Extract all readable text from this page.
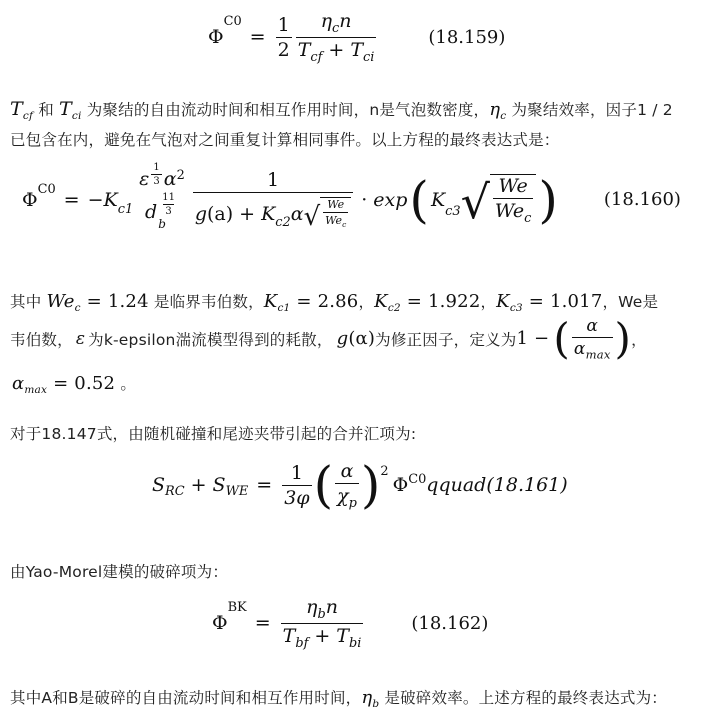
Φ
$^{C0}$
= $\frac{1}{2} \frac{\eta_cn}{T_{cf} + T_{ci}}$	(18.159)
$T_{cf}$ 和 $T_{ci}$ 为聚结的自由流动时间和相互作用时间，n是气泡数密度，$\eta_c$ 为聚结效率，因子1 / 2
已包含在内，避免在气泡对之间重复计算相同事件。以上方程的最终表达式是：
$\Phi^{C0}$ = − $K_{c1}$
ε $\frac{1}{3}$ α 2
d $\frac{11}{3}$
b
1
g $(a) + K_{c2}$ α √ $\frac{We}{We_c} \cdot \exp$ ( K
$_{c3}$ √ $\frac{We}{We_c}$ )	(18.160)
其中 $We_c = 1.24$ 是临界韦伯数，$K_{c1} = 2.86$，$K_{c2} = 1.922$，$K_{c3} = 1.017$，We是
韦伯数， ε 为k-epsilon湍流模型得到的耗散， g (α) 为修正因子，定义为 1 − ( $\frac{\alpha}{\alpha_{max}}$ ) ，
$\alpha_{max} = 0.52$ 。
对于18.147式，由随机碰撞和尾迹夹带引起的合并汇项为:
$S_{RC} + S_{WE} = \frac{1}{3\varphi}$ ( $\frac{\alpha}{\chi_p} )^2$
$\Phi^{C0}$ qquad(18.161)
由Yao-Morel建模的破碎项为：
Φ
$^{BK}$
= $\frac{\eta_bn}{T_{bf} + T_{bi}}$	(18.162)
其中A和B是破碎的自由流动时间和相互作用时间，$\eta_b$ 是破碎效率。上述方程的最终表达式为：
